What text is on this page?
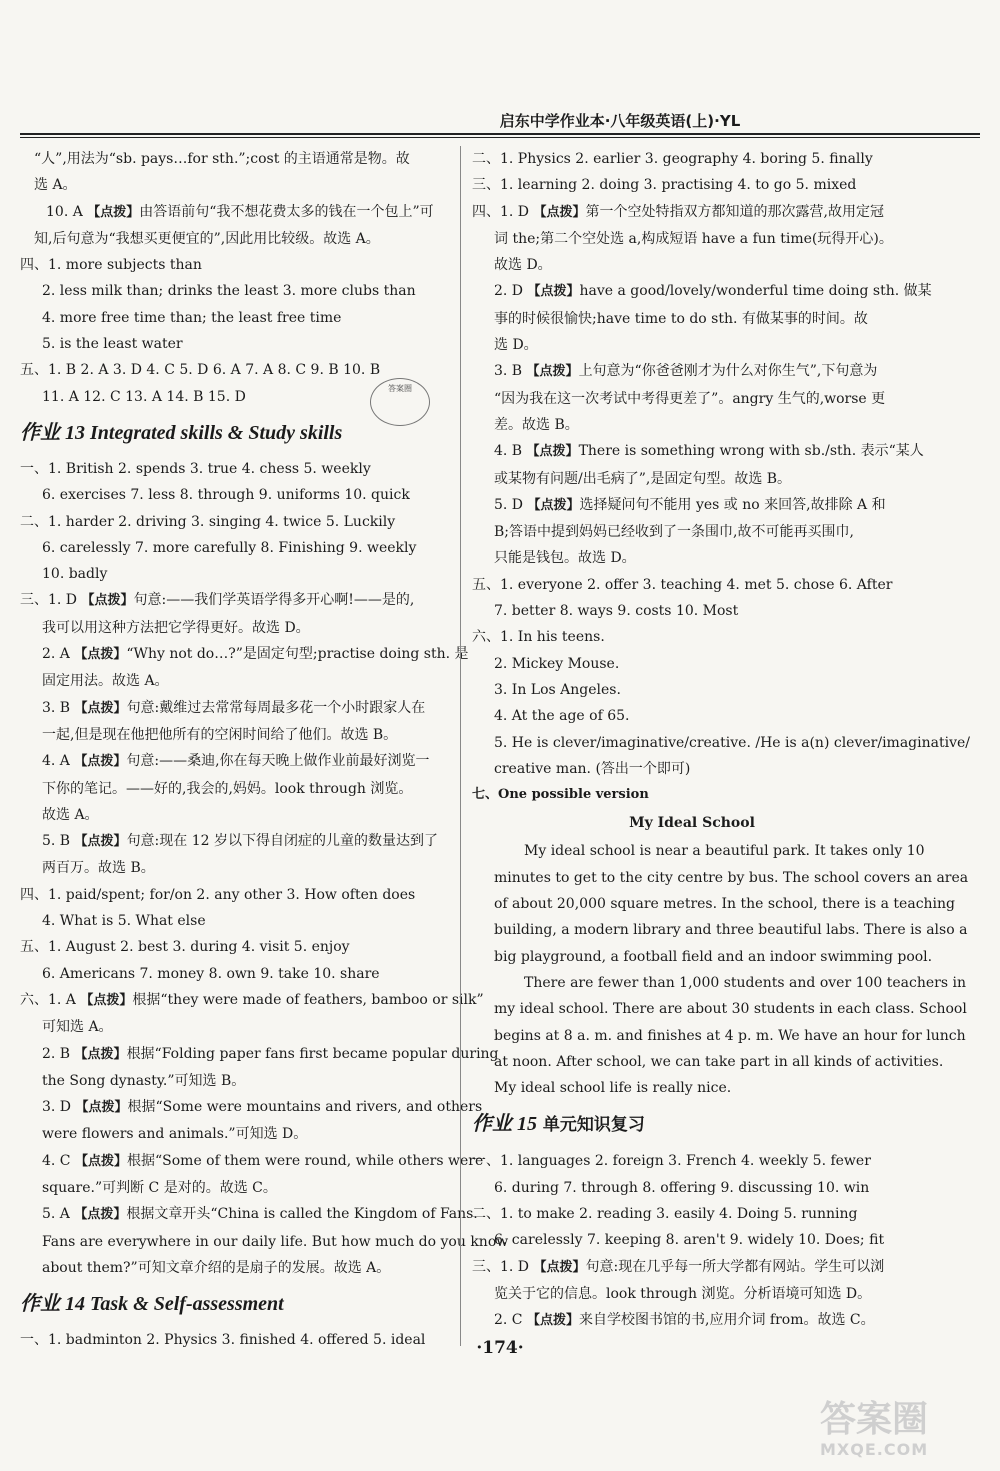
启东中学作业本·八年级英语(上)·YL
“人”,用法为“sb. pays…for sth.”;cost 的主语通常是物。故
选 A。
10. A 【点拨】由答语前句“我不想花费太多的钱在一个包上”可
知,后句意为“我想买更便宜的”,因此用比较级。故选 A。
四、1. more subjects than
2. less milk than; drinks the least 3. more clubs than
4. more free time than; the least free time
5. is the least water
五、1. B 2. A 3. D 4. C 5. D 6. A 7. A 8. C 9. B 10. B
11. A 12. C 13. A 14. B 15. D
作业 13 Integrated skills & Study skills
一、1. British 2. spends 3. true 4. chess 5. weekly
6. exercises 7. less 8. through 9. uniforms 10. quick
二、1. harder 2. driving 3. singing 4. twice 5. Luckily
6. carelessly 7. more carefully 8. Finishing 9. weekly
10. badly
三、1. D 【点拨】句意:——我们学英语学得多开心啊!——是的,
我可以用这种方法把它学得更好。故选 D。
2. A 【点拨】“Why not do…?”是固定句型;practise doing sth. 是
固定用法。故选 A。
3. B 【点拨】句意:戴维过去常常每周最多花一个小时跟家人在
一起,但是现在他把他所有的空闲时间给了他们。故选 B。
4. A 【点拨】句意:——桑迪,你在每天晚上做作业前最好浏览一
下你的笔记。——好的,我会的,妈妈。look through 浏览。
故选 A。
5. B 【点拨】句意:现在 12 岁以下得自闭症的儿童的数量达到了
两百万。故选 B。
四、1. paid/spent; for/on 2. any other 3. How often does
4. What is 5. What else
五、1. August 2. best 3. during 4. visit 5. enjoy
6. Americans 7. money 8. own 9. take 10. share
六、1. A 【点拨】根据“they were made of feathers, bamboo or silk”
可知选 A。
2. B 【点拨】根据“Folding paper fans first became popular during
the Song dynasty.”可知选 B。
3. D 【点拨】根据“Some were mountains and rivers, and others
were flowers and animals.”可知选 D。
4. C 【点拨】根据“Some of them were round, while others were
square.”可判断 C 是对的。故选 C。
5. A 【点拨】根据文章开头“China is called the Kingdom of Fans.
Fans are everywhere in our daily life. But how much do you know
about them?”可知文章介绍的是扇子的发展。故选 A。
作业 14 Task & Self-assessment
一、1. badminton 2. Physics 3. finished 4. offered 5. ideal
二、1. Physics 2. earlier 3. geography 4. boring 5. finally
三、1. learning 2. doing 3. practising 4. to go 5. mixed
四、1. D 【点拨】第一个空处特指双方都知道的那次露营,故用定冠
词 the;第二个空处选 a,构成短语 have a fun time(玩得开心)。
故选 D。
2. D 【点拨】have a good/lovely/wonderful time doing sth. 做某
事的时候很愉快;have time to do sth. 有做某事的时间。故
选 D。
3. B 【点拨】上句意为“你爸爸刚才为什么对你生气”,下句意为
“因为我在这一次考试中考得更差了”。angry 生气的,worse 更
差。故选 B。
4. B 【点拨】There is something wrong with sb./sth. 表示“某人
或某物有问题/出毛病了”,是固定句型。故选 B。
5. D 【点拨】选择疑问句不能用 yes 或 no 来回答,故排除 A 和
B;答语中提到妈妈已经收到了一条围巾,故不可能再买围巾,
只能是钱包。故选 D。
五、1. everyone 2. offer 3. teaching 4. met 5. chose 6. After
7. better 8. ways 9. costs 10. Most
六、1. In his teens.
2. Mickey Mouse.
3. In Los Angeles.
4. At the age of 65.
5. He is clever/imaginative/creative. /He is a(n) clever/imaginative/
creative man. (答出一个即可)
七、One possible version
My Ideal School
My ideal school is near a beautiful park. It takes only 10
minutes to get to the city centre by bus. The school covers an area
of about 20,000 square metres. In the school, there is a teaching
building, a modern library and three beautiful labs. There is also a
big playground, a football field and an indoor swimming pool.
There are fewer than 1,000 students and over 100 teachers in
my ideal school. There are about 30 students in each class. School
begins at 8 a. m. and finishes at 4 p. m. We have an hour for lunch
at noon. After school, we can take part in all kinds of activities.
My ideal school life is really nice.
作业 15 单元知识复习
一、1. languages 2. foreign 3. French 4. weekly 5. fewer
6. during 7. through 8. offering 9. discussing 10. win
二、1. to make 2. reading 3. easily 4. Doing 5. running
6. carelessly 7. keeping 8. aren't 9. widely 10. Does; fit
三、1. D 【点拨】句意:现在几乎每一所大学都有网站。学生可以浏
览关于它的信息。look through 浏览。分析语境可知选 D。
2. C 【点拨】来自学校图书馆的书,应用介词 from。故选 C。
答案圈
·174·
答案圈
MXQE.COM
